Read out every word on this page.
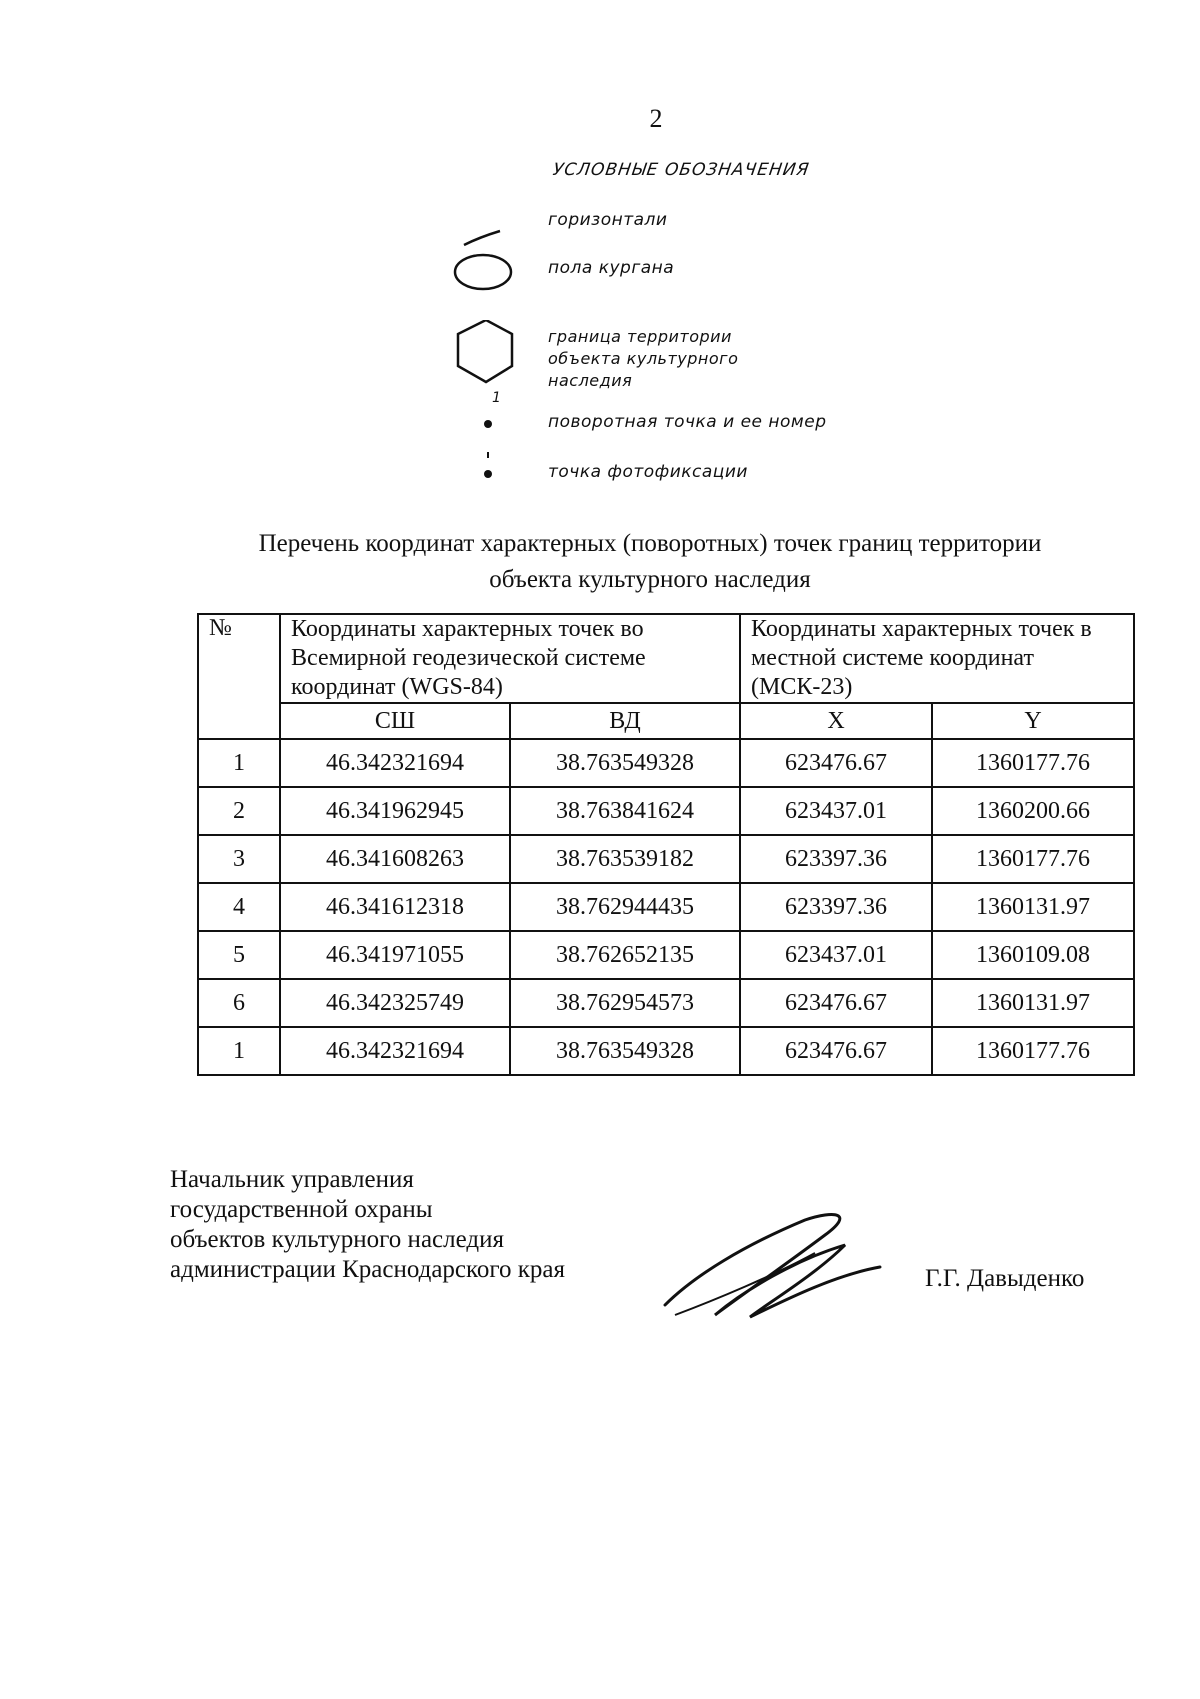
2
УСЛОВНЫЕ ОБОЗНАЧЕНИЯ
горизонтали
пола кургана
граница территории
объекта культурного
наследия
1
поворотная точка и ее номер
точка фотофиксации
Перечень координат характерных (поворотных) точек границ территории
объекта культурного наследия
№	Координаты характерных точек во Всемирной геодезической системе координат (WGS-84)		Координаты характерных точек в местной системе координат (МСК-23)	
	СШ	ВД	X	Y
1	46.342321694	38.763549328	623476.67	1360177.76
2	46.341962945	38.763841624	623437.01	1360200.66
3	46.341608263	38.763539182	623397.36	1360177.76
4	46.341612318	38.762944435	623397.36	1360131.97
5	46.341971055	38.762652135	623437.01	1360109.08
6	46.342325749	38.762954573	623476.67	1360131.97
1	46.342321694	38.763549328	623476.67	1360177.76
Начальник управления
государственной охраны
объектов культурного наследия
администрации Краснодарского края	Г.Г. Давыденко
